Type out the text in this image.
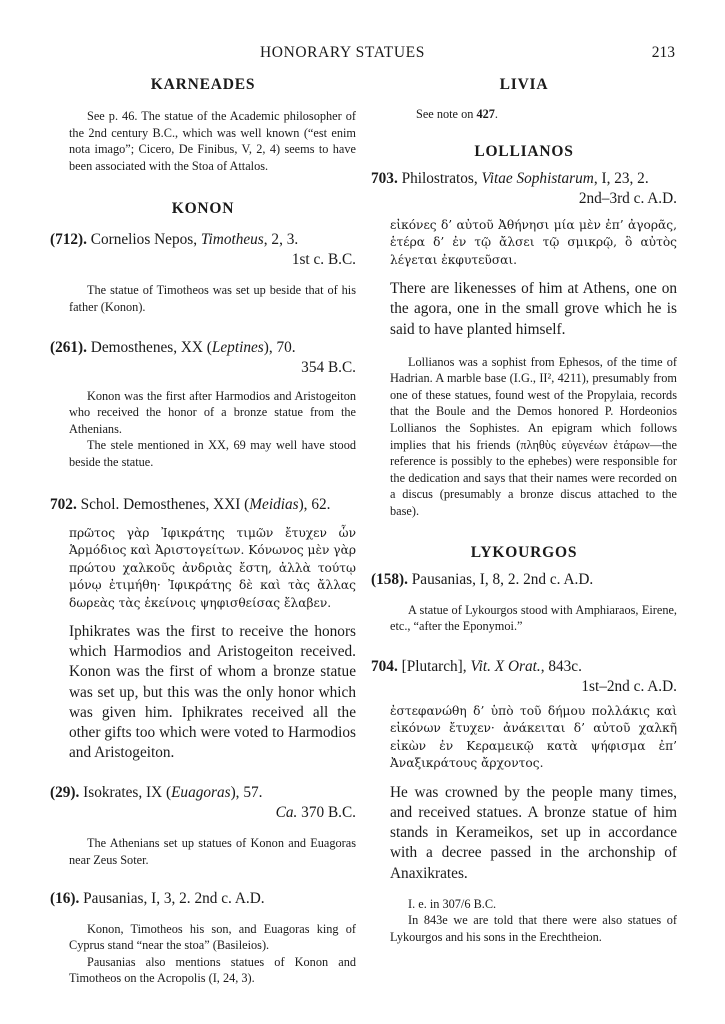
HONORARY STATUES	213
KARNEADES

See p. 46. The statue of the Academic philosopher of the 2nd century B.C., which was well known (“est enim nota imago”; Cicero, De Finibus, V, 2, 4) seems to have been associated with the Stoa of Attalos.

KONON
(712). Cornelios Nepos, Timotheus, 2, 3.
1st c. B.C.

The statue of Timotheos was set up beside that of his father (Konon).

(261). Demosthenes, XX (Leptines), 70.
354 B.C.

Konon was the first after Harmodios and Aristogeiton who received the honor of a bronze statue from the Athenians.

The stele mentioned in XX, 69 may well have stood beside the statue.

702. Schol. Demosthenes, XXI (Meidias), 62.

πρῶτος γὰρ Ἰφικράτης τιμῶν ἔτυχεν ὧν Ἁρμόδιος καὶ Ἀριστογείτων. Κόνωνος μὲν γὰρ πρώτου χαλκοῦς ἀνδριὰς ἔστη, ἀλλὰ τούτῳ μόνῳ ἐτιμήθη· Ἰφικράτης δὲ καὶ τὰς ἄλλας δωρεὰς τὰς ἐκείνοις ψηφισθείσας ἔλαβεν.

Iphikrates was the first to receive the honors which Harmodios and Aristogeiton received. Konon was the first of whom a bronze statue was set up, but this was the only honor which was given him. Iphikrates received all the other gifts too which were voted to Harmodios and Aristogeiton.

(29). Isokrates, IX (Euagoras), 57.
Ca. 370 B.C.

The Athenians set up statues of Konon and Euagoras near Zeus Soter.

(16). Pausanias, I, 3, 2. 2nd c. A.D.

Konon, Timotheos his son, and Euagoras king of Cyprus stand “near the stoa” (Basileios).

Pausanias also mentions statues of Konon and Timotheos on the Acropolis (I, 24, 3).

LIVIA

See note on 427.

LOLLIANOS
703. Philostratos, Vitae Sophistarum, I, 23, 2.
2nd–3rd c. A.D.

εἰκόνες δ’ αὐτοῦ Ἀθήνησι μία μὲν ἐπ’ ἀγορᾶς, ἑτέρα δ’ ἐν τῷ ἄλσει τῷ σμικρῷ, ὃ αὐτὸς λέγεται ἐκφυτεῦσαι.

There are likenesses of him at Athens, one on the agora, one in the small grove which he is said to have planted himself.

Lollianos was a sophist from Ephesos, of the time of Hadrian. A marble base (I.G., II², 4211), presumably from one of these statues, found west of the Propylaia, records that the Boule and the Demos honored P. Hordeonios Lollianos the Sophistes. An epigram which follows implies that his friends (πληθὺς εὐγενέων ἑτάρων—the reference is possibly to the ephebes) were responsible for the dedication and says that their names were recorded on a discus (presumably a bronze discus attached to the base).

LYKOURGOS
(158). Pausanias, I, 8, 2. 2nd c. A.D.

A statue of Lykourgos stood with Amphiaraos, Eirene, etc., “after the Eponymoi.”

704. [Plutarch], Vit. X Orat., 843c.
1st–2nd c. A.D.

ἐστεφανώθη δ’ ὑπὸ τοῦ δήμου πολλάκις καὶ εἰκόνων ἔτυχεν· ἀνάκειται δ’ αὐτοῦ χαλκῆ εἰκὼν ἐν Κεραμεικῷ κατὰ ψήφισμα ἐπ’ Ἀναξικράτους ἄρχοντος.

He was crowned by the people many times, and received statues. A bronze statue of him stands in Kerameikos, set up in accordance with a decree passed in the archonship of Anaxikrates.

I. e. in 307/6 B.C.

In 843e we are told that there were also statues of Lykourgos and his sons in the Erechtheion.
